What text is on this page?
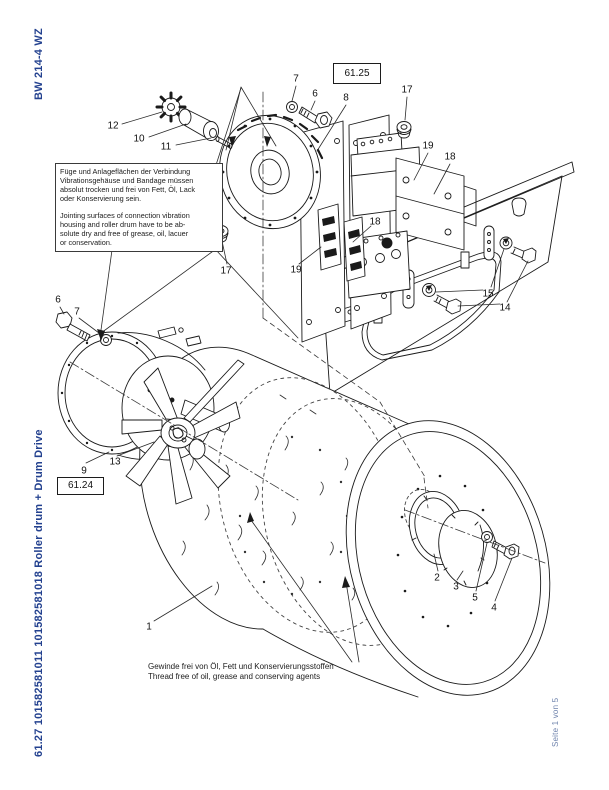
BW 214-4 WZ
61.27 101582581011 101582581018 Roller drum + Drum Drive	Seite 1 von 5
Füge und Anlageflächen der Verbindung
Vibrationsgehäuse und Bandage müssen
absolut trocken und frei von Fett, Öl, Lack
oder Konservierung sein.
Jointing surfaces of connection vibration
housing and roller drum have to be ab-
solute dry and free of grease, oil, lacuer
or conservation.
61.25
61.24
Gewinde frei von Öl, Fett und Konservierungsstoffen
Thread free of oil, grease and conserving agents
12
10
11
7
6	8
17
19
18
17	19
18
15
14
6
7
9
13
1
2
3
5
4
